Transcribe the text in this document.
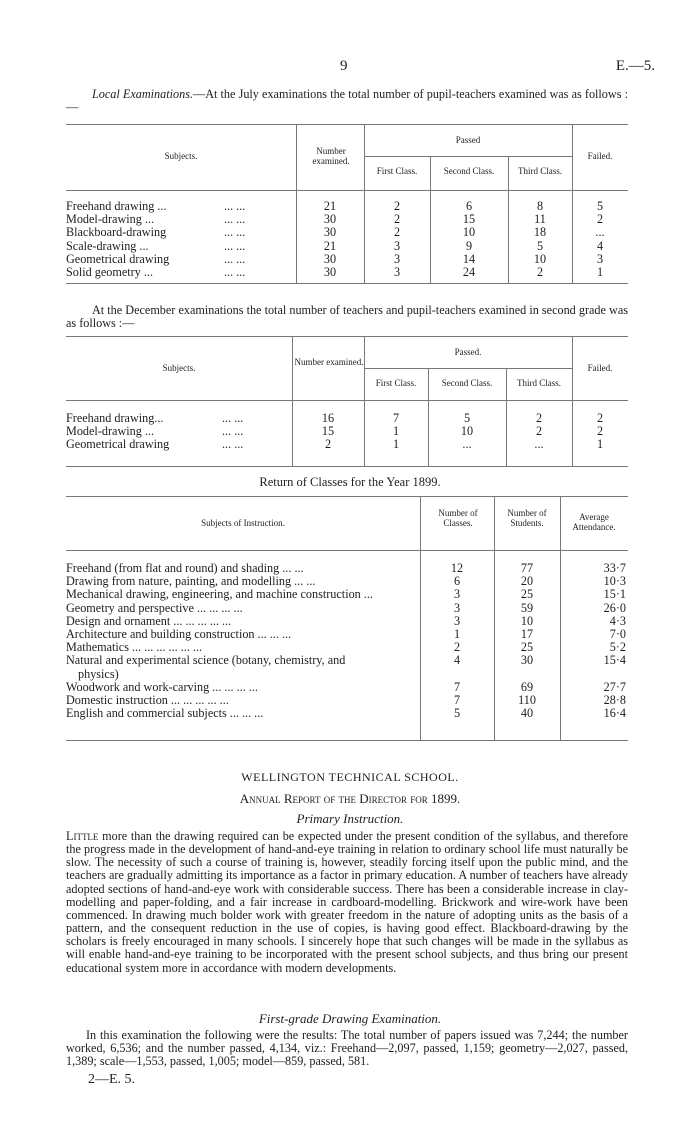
9	E.—5.
Local Examinations.—At the July examinations the total number of pupil-teachers examined was as follows :—
Subjects.	Number examined.
Passed
First Class.	Second Class.	Third Class.
Failed.
Freehand drawing ...	... ...	21	2	6	8	5
Model-drawing ...	... ...	30	2	15	11	2
Blackboard-drawing	... ...	30	2	10	18	...
Scale-drawing ...	... ...	21	3	9	5	4
Geometrical drawing	... ...	30	3	14	10	3
Solid geometry ...	... ...	30	3	24	2	1
At the December examinations the total number of teachers and pupil-teachers examined in second grade was as follows :—
Subjects.
Number examined.
Passed.
First Class.	Second Class.	Third Class.
Failed.
Freehand drawing...	... ...	16	7	5	2	2
Model-drawing ...	... ...	15	1	10	2	2
Geometrical drawing	... ...	2	1	...	...	1
Return of Classes for the Year 1899.
Subjects of Instruction.
Number of Classes.
Number of Students.
Average Attendance.
Freehand (from flat and round) and shading ... ...	12	77	33·7
Drawing from nature, painting, and modelling ... ...	6	20	10·3
Mechanical drawing, engineering, and machine construction ...	3	25	15·1
Geometry and perspective ... ... ... ...	3	59	26·0
Design and ornament ... ... ... ... ...	3	10	4·3
Architecture and building construction ... ... ...	1	17	7·0
Mathematics ... ... ... ... ... ...	2	25	5·2
Natural and experimental science (botany, chemistry, and	4	30	15·4
physics)
Woodwork and work-carving ... ... ... ...	7	69	27·7
Domestic instruction ... ... ... ... ...	7	110	28·8
English and commercial subjects ... ... ...	5	40	16·4
WELLINGTON TECHNICAL SCHOOL.
Annual Report of the Director for 1899.
Primary Instruction.
Little more than the drawing required can be expected under the present condition of the syllabus, and therefore the progress made in the development of hand-and-eye training in relation to ordinary school life must naturally be slow. The necessity of such a course of training is, however, steadily forcing itself upon the public mind, and the teachers are gradually admitting its importance as a factor in primary education. A number of teachers have already adopted sections of hand-and-eye work with considerable success. There has been a considerable increase in clay-modelling and paper-folding, and a fair increase in cardboard-modelling. Brickwork and wire-work have been commenced. In drawing much bolder work with greater freedom in the nature of adopting units as the basis of a pattern, and the consequent reduction in the use of copies, is having good effect. Blackboard-drawing by the scholars is freely encouraged in many schools. I sincerely hope that such changes will be made in the syllabus as will enable hand-and-eye training to be incorporated with the present school subjects, and thus bring our present educational system more in accordance with modern developments.
First-grade Drawing Examination.
In this examination the following were the results: The total number of papers issued was 7,244; the number worked, 6,536; and the number passed, 4,134, viz.: Freehand—2,097, passed, 1,159; geometry—2,027, passed, 1,389; scale—1,553, passed, 1,005; model—859, passed, 581.
2—E. 5.
